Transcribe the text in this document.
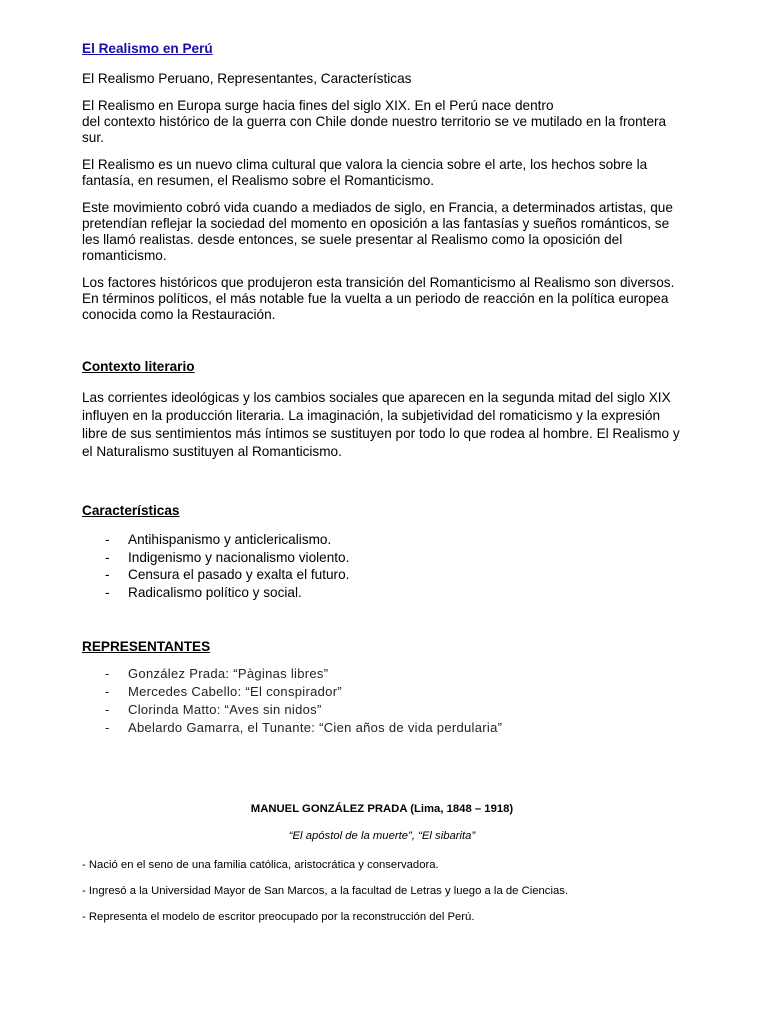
El Realismo en Perú

El Realismo Peruano, Representantes, Características

El Realismo en Europa surge hacia fines del siglo XIX. En el Perú nace dentro
del contexto histórico de la guerra con Chile donde nuestro territorio se ve mutilado en la frontera sur.

El Realismo es un nuevo clima cultural que valora la ciencia sobre el arte, los hechos sobre la fantasía, en resumen, el Realismo sobre el Romanticismo.

Este movimiento cobró vida cuando a mediados de siglo, en Francia, a determinados artistas, que pretendían reflejar la sociedad del momento en oposición a las fantasías y sueños románticos, se les llamó realistas. desde entonces, se suele presentar al Realismo como la oposición del romanticismo.

Los factores históricos que produjeron esta transición del Romanticismo al Realismo son diversos. En términos políticos, el más notable fue la vuelta a un periodo de reacción en la política europea conocida como la Restauración.

Contexto literario

Las corrientes ideológicas y los cambios sociales que aparecen en la segunda mitad del siglo XIX influyen en la producción literaria. La imaginación, la subjetividad del romaticismo y la expresión libre de sus sentimientos más íntimos se sustituyen por todo lo que rodea al hombre. El Realismo y el Naturalismo sustituyen al Romanticismo.

Características
- Antihispanismo y anticlericalismo.
- Indigenismo y nacionalismo violento.
- Censura el pasado y exalta el futuro.
- Radicalismo político y social.
REPRESENTANTES
- González Prada: “Pàginas libres”
- Mercedes Cabello: “El conspirador”
- Clorinda Matto: “Aves sin nidos”
- Abelardo Gamarra, el Tunante: “Cien años de vida perdularia”

MANUEL GONZÁLEZ PRADA (Lima, 1848 – 1918)

“El apóstol de la muerte”, “El sibarita”

- Nació en el seno de una familia católica, aristocrática y conservadora.

- Ingresó a la Universidad Mayor de San Marcos, a la facultad de Letras y luego a la de Ciencias.

- Representa el modelo de escritor preocupado por la reconstrucción del Perú.
